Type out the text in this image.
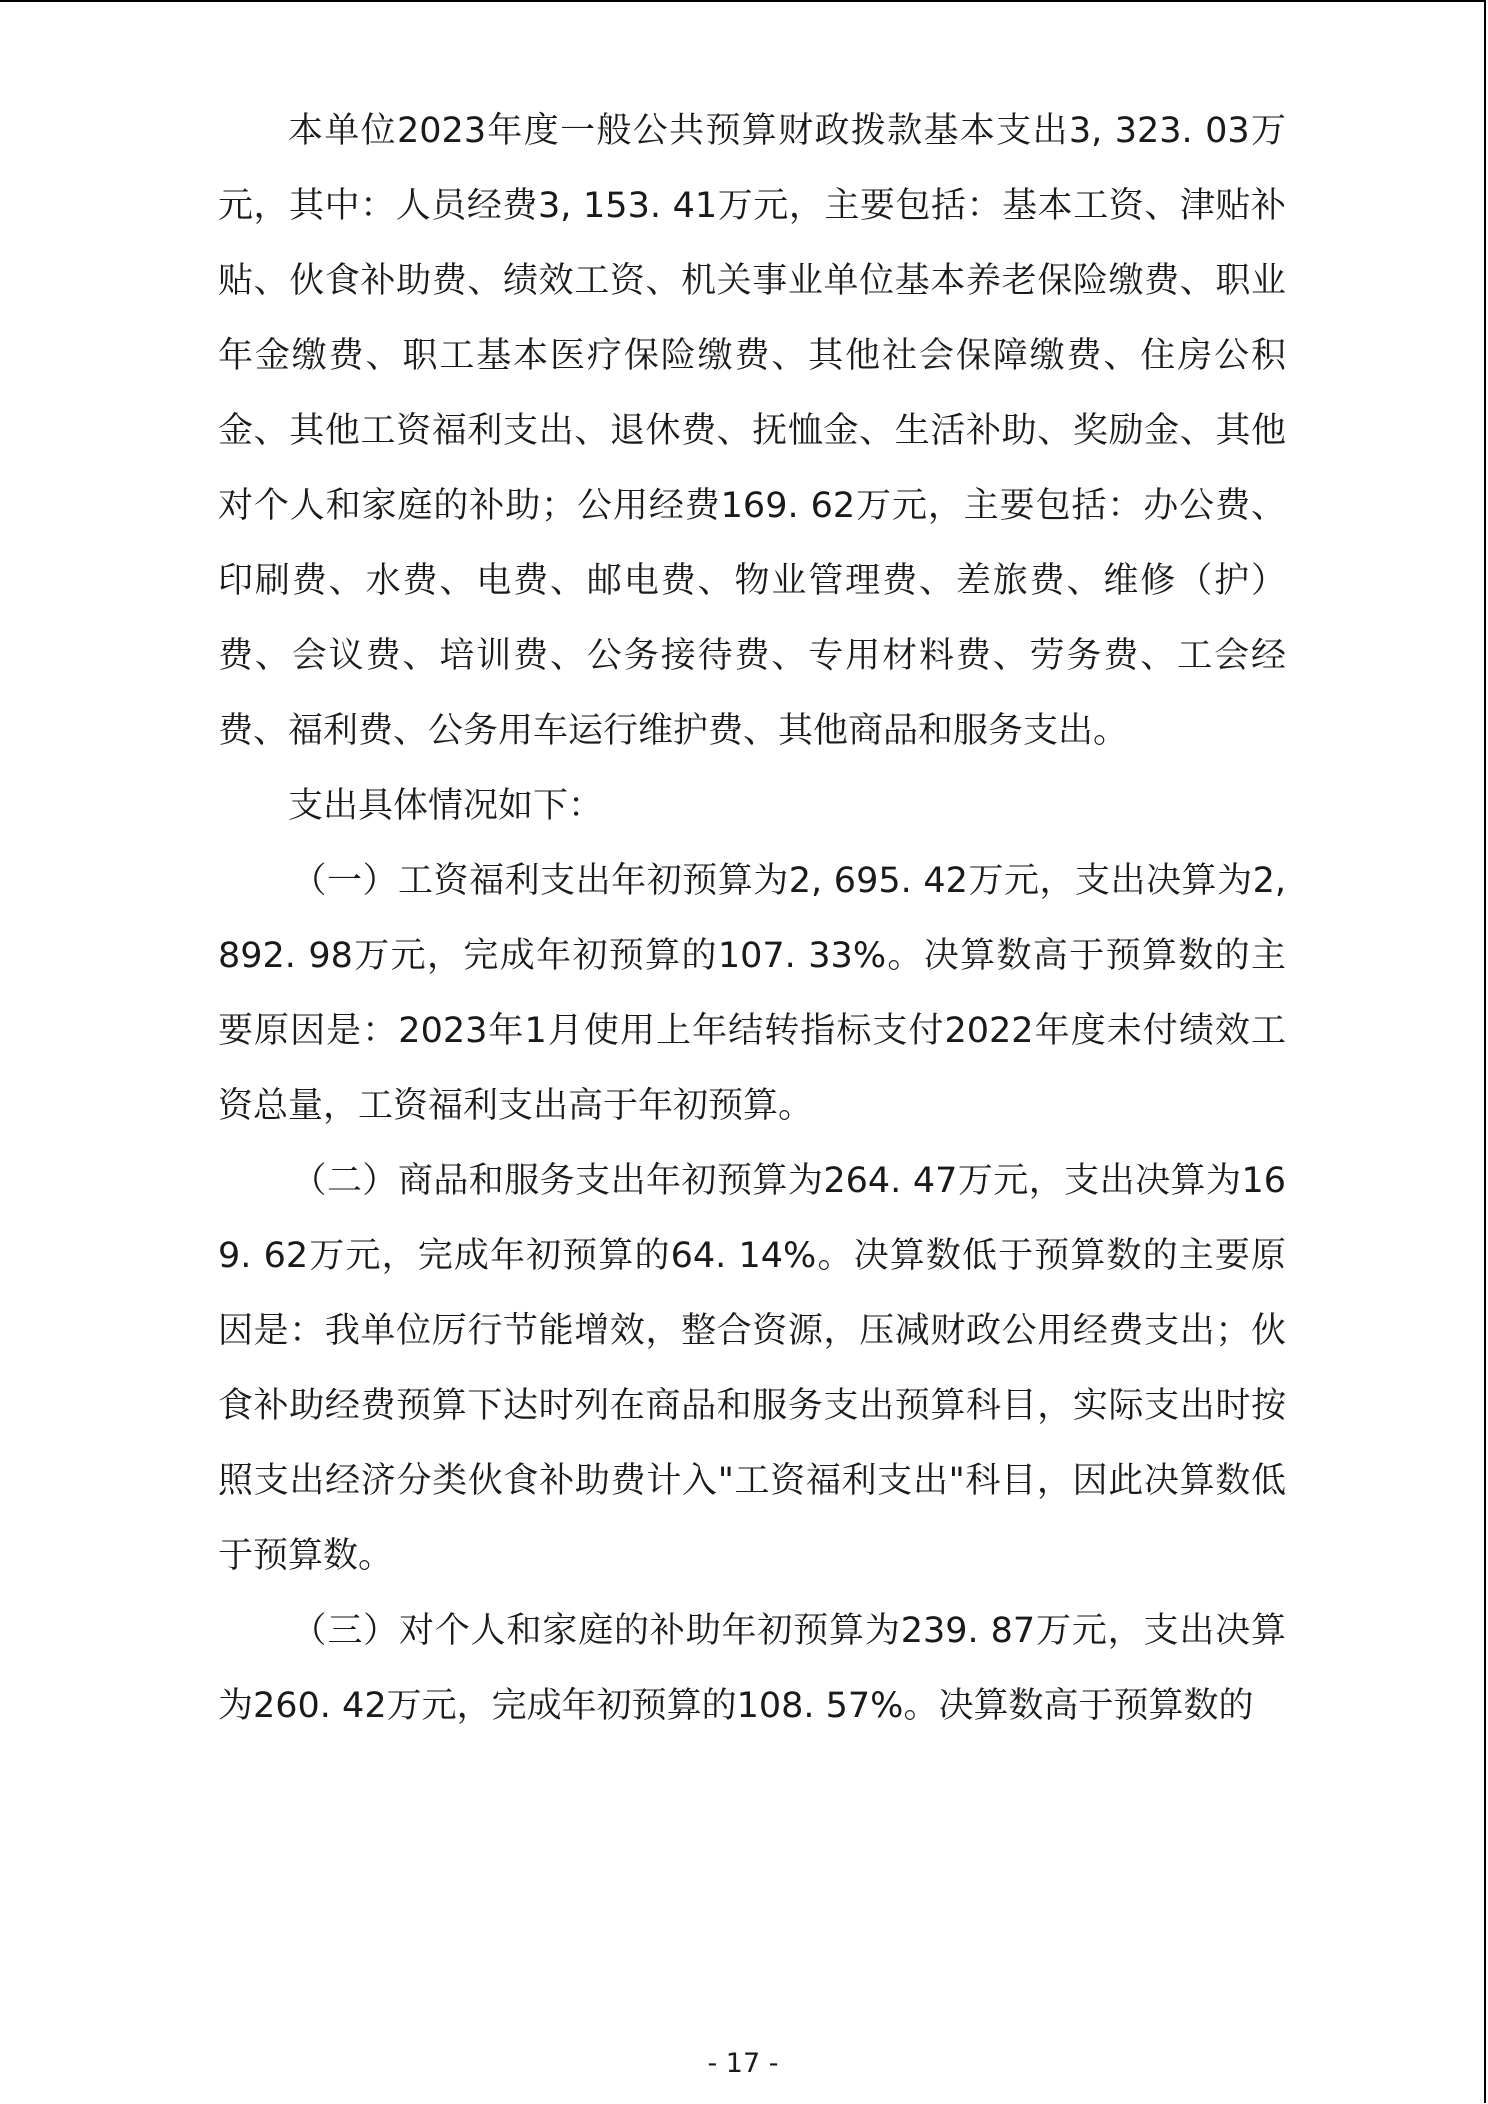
本单位2023年度一般公共预算财政拨款基本支出3, 323. 03万元，其中：人员经费3, 153. 41万元，主要包括：基本工资、津贴补贴、伙食补助费、绩效工资、机关事业单位基本养老保险缴费、职业年金缴费、职工基本医疗保险缴费、其他社会保障缴费、住房公积金、其他工资福利支出、退休费、抚恤金、生活补助、奖励金、其他对个人和家庭的补助；公用经费169. 62万元，主要包括：办公费、印刷费、水费、电费、邮电费、物业管理费、差旅费、维修（护）费、会议费、培训费、公务接待费、专用材料费、劳务费、工会经费、福利费、公务用车运行维护费、其他商品和服务支出。

支出具体情况如下：

（一）工资福利支出年初预算为2, 695. 42万元，支出决算为2, 892. 98万元，完成年初预算的107. 33%。决算数高于预算数的主要原因是：2023年1月使用上年结转指标支付2022年度未付绩效工资总量，工资福利支出高于年初预算。

（二）商品和服务支出年初预算为264. 47万元，支出决算为169. 62万元，完成年初预算的64. 14%。决算数低于预算数的主要原因是：我单位厉行节能增效，整合资源，压减财政公用经费支出；伙食补助经费预算下达时列在商品和服务支出预算科目，实际支出时按照支出经济分类伙食补助费计入"工资福利支出"科目，因此决算数低于预算数。

（三）对个人和家庭的补助年初预算为239. 87万元，支出决算为260. 42万元，完成年初预算的108. 57%。决算数高于预算数的

- 17 -
